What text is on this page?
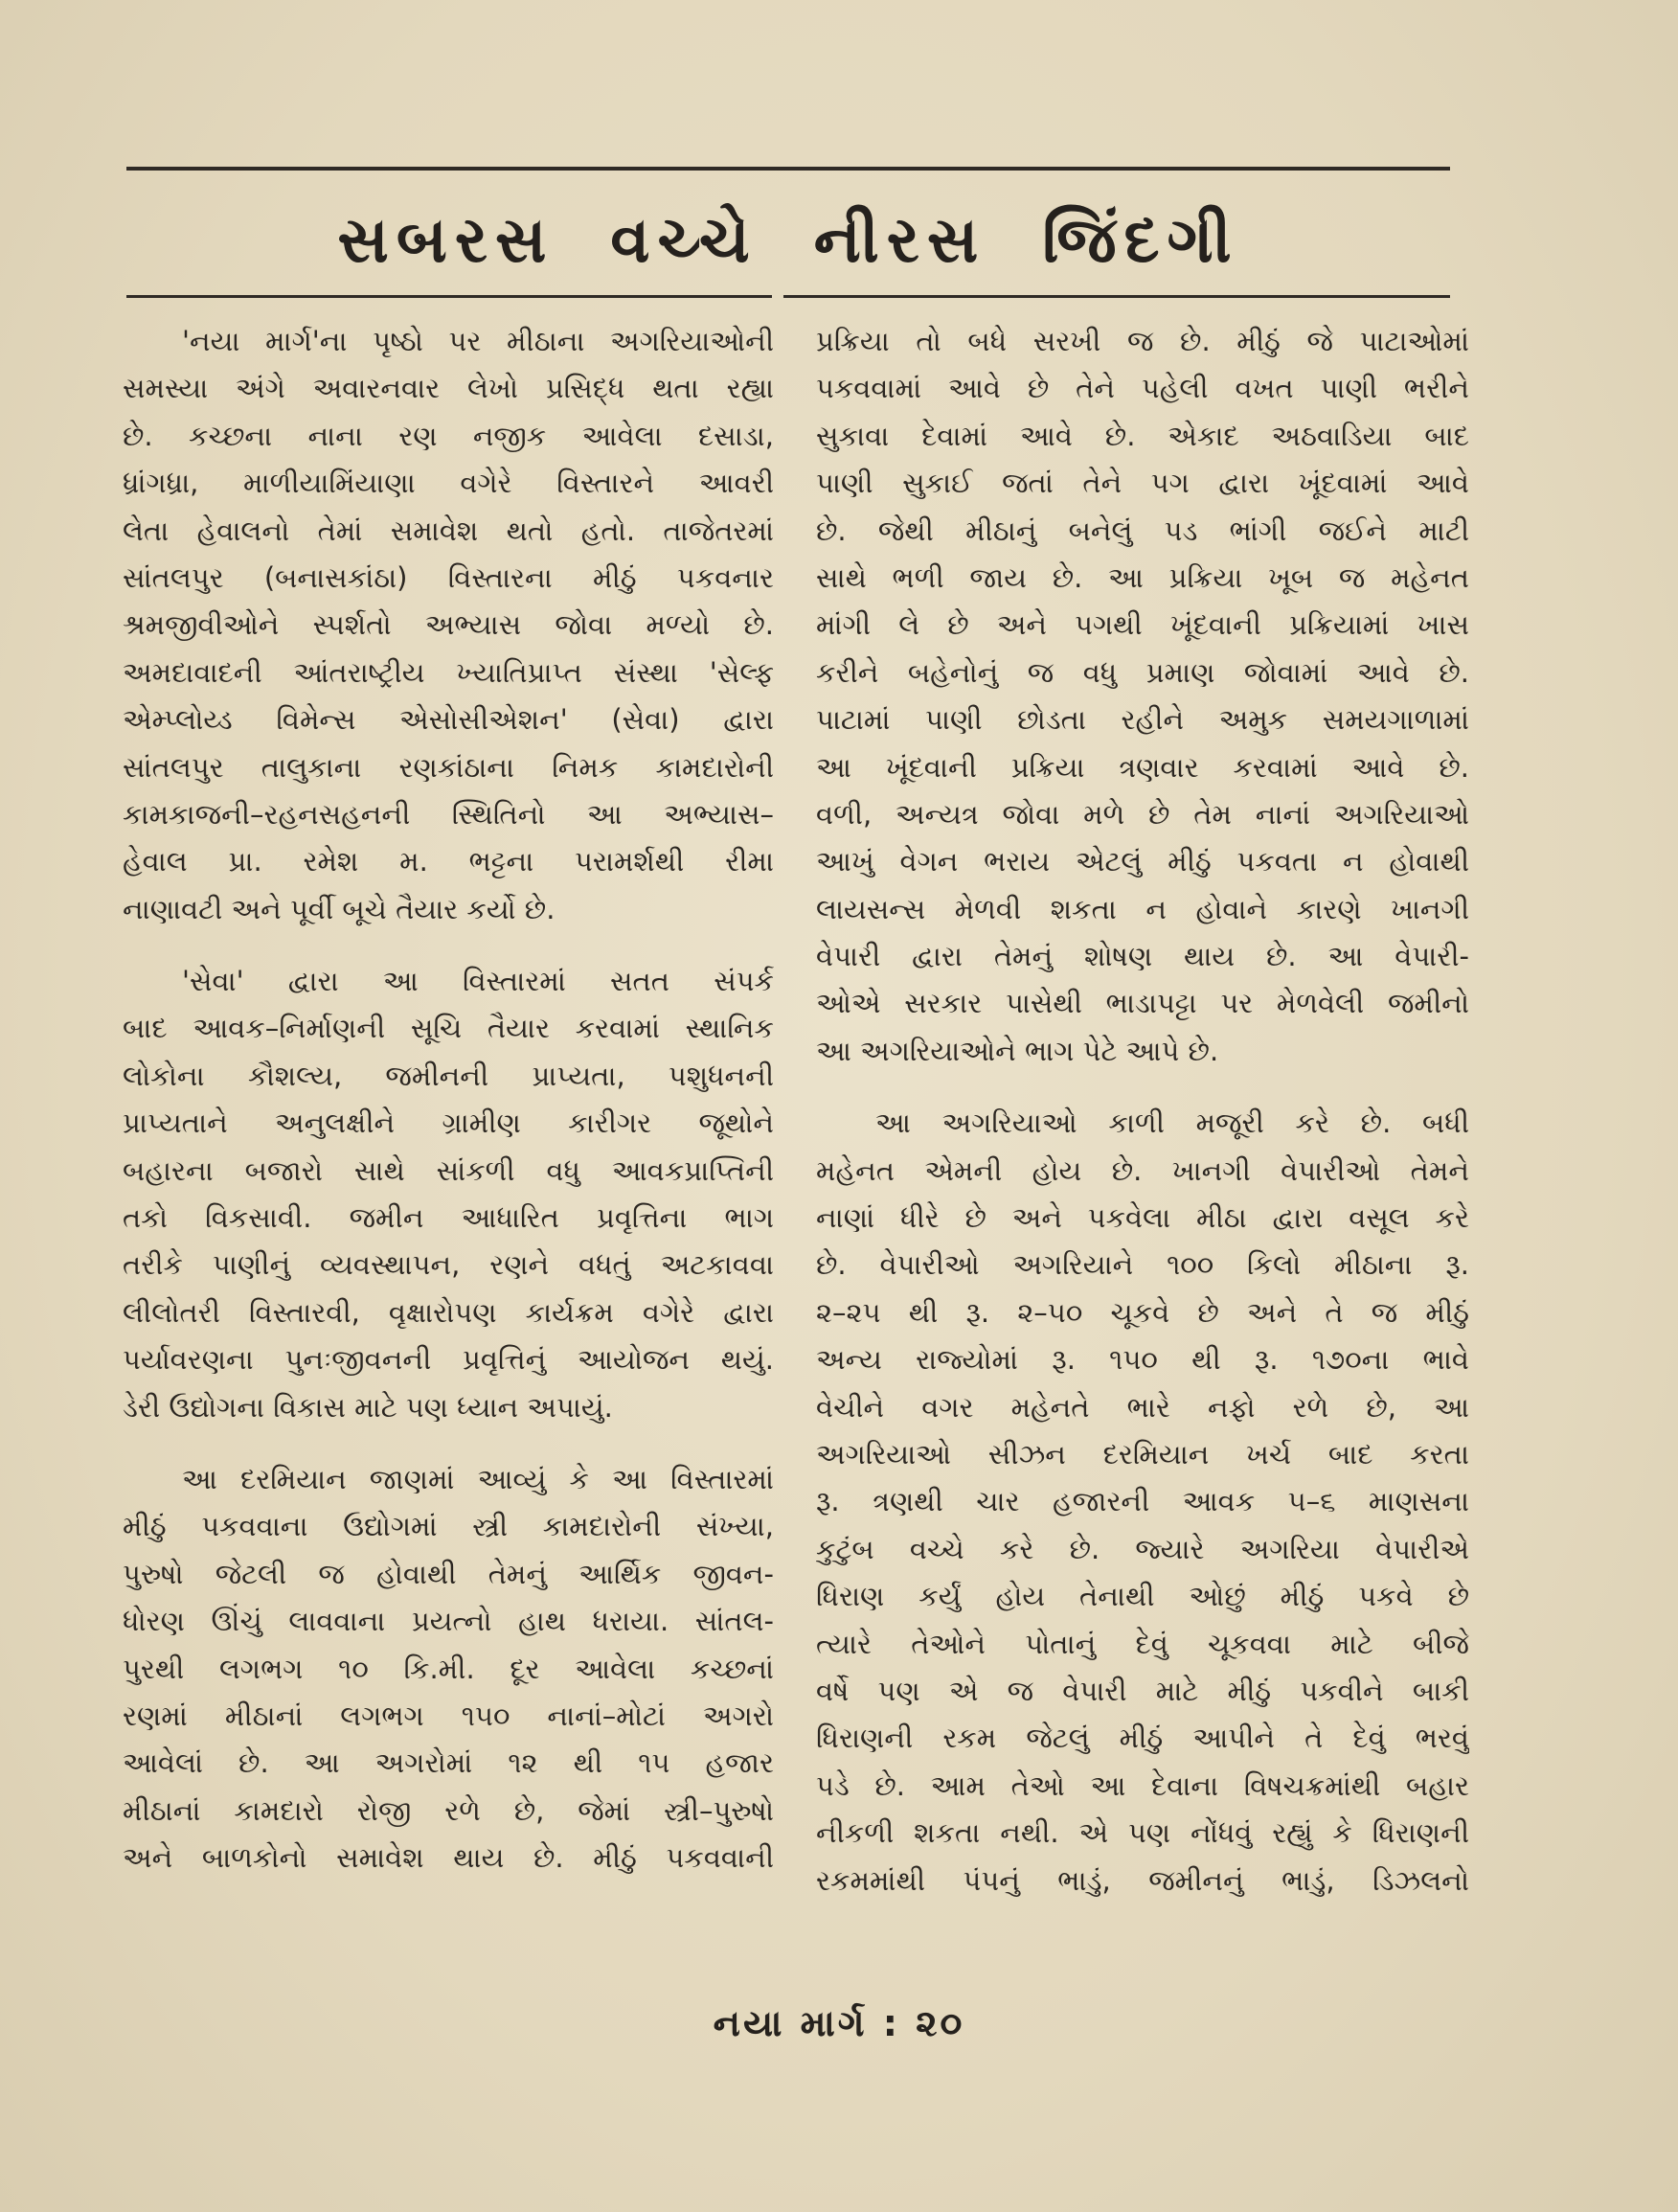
સબરસ વચ્ચે નીરસ જિંદગી
'નયા માર્ગ'ના પૃષ્ઠો પર મીઠાના અગરિયાઓની
સમસ્યા અંગે અવારનવાર લેખો પ્રસિદ્ધ થતા રહ્યા
છે. કચ્છના નાના રણ નજીક આવેલા દસાડા,
ધ્રાંગધ્રા, માળીયામિંયાણા વગેરે વિસ્તારને આવરી
લેતા હેવાલનો તેમાં સમાવેશ થતો હતો. તાજેતરમાં
સાંતલપુર (બનાસકાંઠા) વિસ્તારના મીઠું પકવનાર
શ્રમજીવીઓને સ્પર્શતો અભ્યાસ જોવા મળ્યો છે.
અમદાવાદની આંતરાષ્ટ્રીય ખ્યાતિપ્રાપ્ત સંસ્થા 'સેલ્ફ
એમ્પ્લોય્ડ વિમેન્સ એસોસીએશન' (સેવા) દ્વારા
સાંતલપુર તાલુકાના રણકાંઠાના નિમક કામદારોની
કામકાજની–રહનસહનની સ્થિતિનો આ અભ્યાસ–
હેવાલ પ્રા. રમેશ મ. ભટ્ટના પરામર્શથી રીમા
નાણાવટી અને પૂર્વી બૂચે તૈયાર કર્યો છે.
'સેવા' દ્વારા આ વિસ્તારમાં સતત સંપર્ક
બાદ આવક–નિર્માણની સૂચિ તૈયાર કરવામાં સ્થાનિક
લોકોના કૌશલ્ય, જમીનની પ્રાપ્યતા, પશુધનની
પ્રાપ્યતાને અનુલક્ષીને ગ્રામીણ કારીગર જૂથોને
બહારના બજારો સાથે સાંકળી વધુ આવકપ્રાપ્તિની
તકો વિકસાવી. જમીન આધારિત પ્રવૃત્તિના ભાગ
તરીકે પાણીનું વ્યવસ્થાપન, રણને વધતું અટકાવવા
લીલોતરી વિસ્તારવી, વૃક્ષારોપણ કાર્યક્રમ વગેરે દ્વારા
પર્યાવરણના પુનઃજીવનની પ્રવૃત્તિનું આયોજન થયું.
ડેરી ઉદ્યોગના વિકાસ માટે પણ ધ્યાન અપાયું.
આ દરમિયાન જાણમાં આવ્યું કે આ વિસ્તારમાં
મીઠું પકવવાના ઉદ્યોગમાં સ્ત્રી કામદારોની સંખ્યા,
પુરુષો જેટલી જ હોવાથી તેમનું આર્થિક જીવન-
ધોરણ ઊંચું લાવવાના પ્રયત્નો હાથ ધરાયા. સાંતલ-
પુરથી લગભગ ૧૦ કિ.મી. દૂર આવેલા કચ્છનાં
રણમાં મીઠાનાં લગભગ ૧૫૦ નાનાં–મોટાં અગરો
આવેલાં છે. આ અગરોમાં ૧૨ થી ૧૫ હજાર
મીઠાનાં કામદારો રોજી રળે છે, જેમાં સ્ત્રી–પુરુષો
અને બાળકોનો સમાવેશ થાય છે. મીઠું પકવવાની
પ્રક્રિયા તો બધે સરખી જ છે. મીઠું જે પાટાઓમાં
પકવવામાં આવે છે તેને પહેલી વખત પાણી ભરીને
સુકાવા દેવામાં આવે છે. એકાદ અઠવાડિયા બાદ
પાણી સુકાઈ જતાં તેને પગ દ્વારા ખૂંદવામાં આવે
છે. જેથી મીઠાનું બનેલું પડ ભાંગી જઈને માટી
સાથે ભળી જાય છે. આ પ્રક્રિયા ખૂબ જ મહેનત
માંગી લે છે અને પગથી ખૂંદવાની પ્રક્રિયામાં ખાસ
કરીને બહેનોનું જ વધુ પ્રમાણ જોવામાં આવે છે.
પાટામાં પાણી છોડતા રહીને અમુક સમયગાળામાં
આ ખૂંદવાની પ્રક્રિયા ત્રણવાર કરવામાં આવે છે.
વળી, અન્યત્ર જોવા મળે છે તેમ નાનાં અગરિયાઓ
આખું વેગન ભરાય એટલું મીઠું પકવતા ન હોવાથી
લાયસન્સ મેળવી શકતા ન હોવાને કારણે ખાનગી
વેપારી દ્વારા તેમનું શોષણ થાય છે. આ વેપારી-
ઓએ સરકાર પાસેથી ભાડાપટ્ટા પર મેળવેલી જમીનો
આ અગરિયાઓને ભાગ પેટે આપે છે.
આ અગરિયાઓ કાળી મજૂરી કરે છે. બધી
મહેનત એમની હોય છે. ખાનગી વેપારીઓ તેમને
નાણાં ધીરે છે અને પકવેલા મીઠા દ્વારા વસૂલ કરે
છે. વેપારીઓ અગરિયાને ૧૦૦ કિલો મીઠાના રૂ.
૨–૨૫ થી રૂ. ૨–૫૦ ચૂકવે છે અને તે જ મીઠું
અન્ય રાજ્યોમાં રૂ. ૧૫૦ થી રૂ. ૧૭૦ના ભાવે
વેચીને વગર મહેનતે ભારે નફો રળે છે, આ
અગરિયાઓ સીઝન દરમિયાન ખર્ચ બાદ કરતા
રૂ. ત્રણથી ચાર હજારની આવક ૫–૬ માણસના
કુટુંબ વચ્ચે કરે છે. જ્યારે અગરિયા વેપારીએ
ધિરાણ કર્યું હોય તેનાથી ઓછું મીઠું પકવે છે
ત્યારે તેઓને પોતાનું દેવું ચૂકવવા માટે બીજે
વર્ષે પણ એ જ વેપારી માટે મીઠું પકવીને બાકી
ધિરાણની રકમ જેટલું મીઠું આપીને તે દેવું ભરવું
પડે છે. આમ તેઓ આ દેવાના વિષચક્રમાંથી બહાર
નીકળી શકતા નથી. એ પણ નોંધવું રહ્યું કે ધિરાણની
રકમમાંથી પંપનું ભાડું, જમીનનું ભાડું, ડિઝલનો
નયા માર્ગ : ૨૦
